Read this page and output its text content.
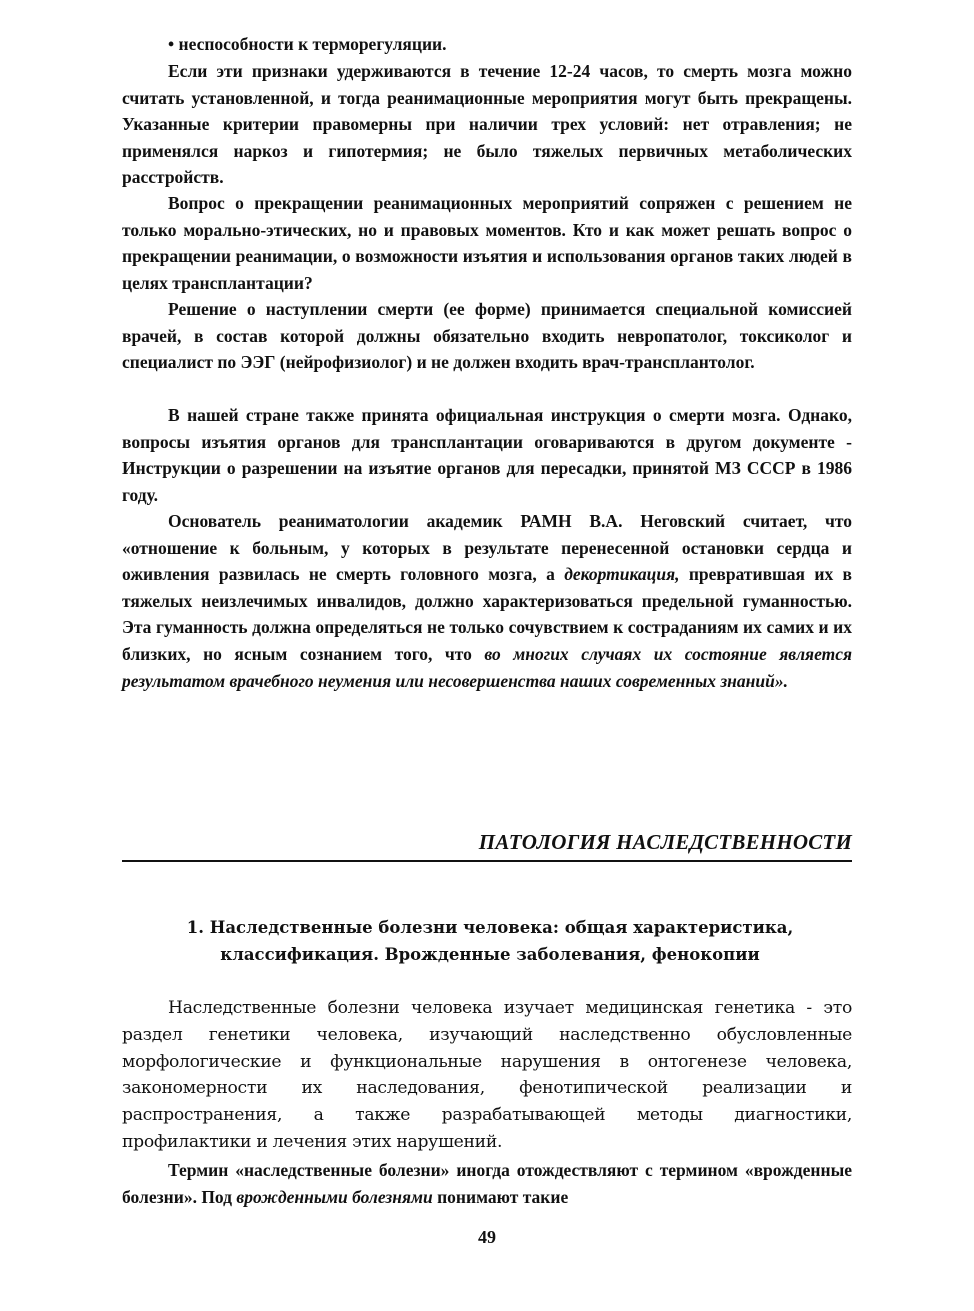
• неспособности к терморегуляции.

Если эти признаки удерживаются в течение 12-24 часов, то смерть мозга можно считать установленной, и тогда реанимационные мероприятия могут быть прекращены. Указанные критерии правомерны при наличии трех условий: нет отравления; не применялся наркоз и гипотермия; не было тяжелых первичных метаболических расстройств.

Вопрос о прекращении реанимационных мероприятий сопряжен с решением не только морально-этических, но и правовых моментов. Кто и как может решать вопрос о прекращении реанимации, о возможности изъятия и использования органов таких людей в целях трансплантации?

Решение о наступлении смерти (ее форме) принимается специальной комиссией врачей, в состав которой должны обязательно входить невропатолог, токсиколог и специалист по ЭЭГ (нейрофизиолог) и не должен входить врач-трансплантолог.

В нашей стране также принята официальная инструкция о смерти мозга. Однако, вопросы изъятия органов для трансплантации оговариваются в другом документе - Инструкции о разрешении на изъятие органов для пересадки, принятой МЗ СССР в 1986 году.

Основатель реаниматологии академик РАМН В.А. Неговский считает, что «отношение к больным, у которых в результате перенесенной остановки сердца и оживления развилась не смерть головного мозга, а декортикация, превратившая их в тяжелых неизлечимых инвалидов, должно характеризоваться предельной гуманностью. Эта гуманность должна определяться не только сочувствием к состраданиям их самих и их близких, но ясным сознанием того, что во многих случаях их состояние является результатом врачебного неумения или несовершенства наших современных знаний».

ПАТОЛОГИЯ НАСЛЕДСТВЕННОСТИ
1. Наследственные болезни человека: общая характеристика, классификация. Врожденные заболевания, фенокопии

Наследственные болезни человека изучает медицинская генетика - это раздел генетики человека, изучающий наследственно обусловленные морфологические и функциональные нарушения в онтогенезе человека, закономерности их наследования, фенотипической реализации и распространения, а также разрабатывающей методы диагностики, профилактики и лечения этих нарушений.

Термин «наследственные болезни» иногда отождествляют с термином «врожденные болезни». Под врожденными болезнями понимают такие

49
